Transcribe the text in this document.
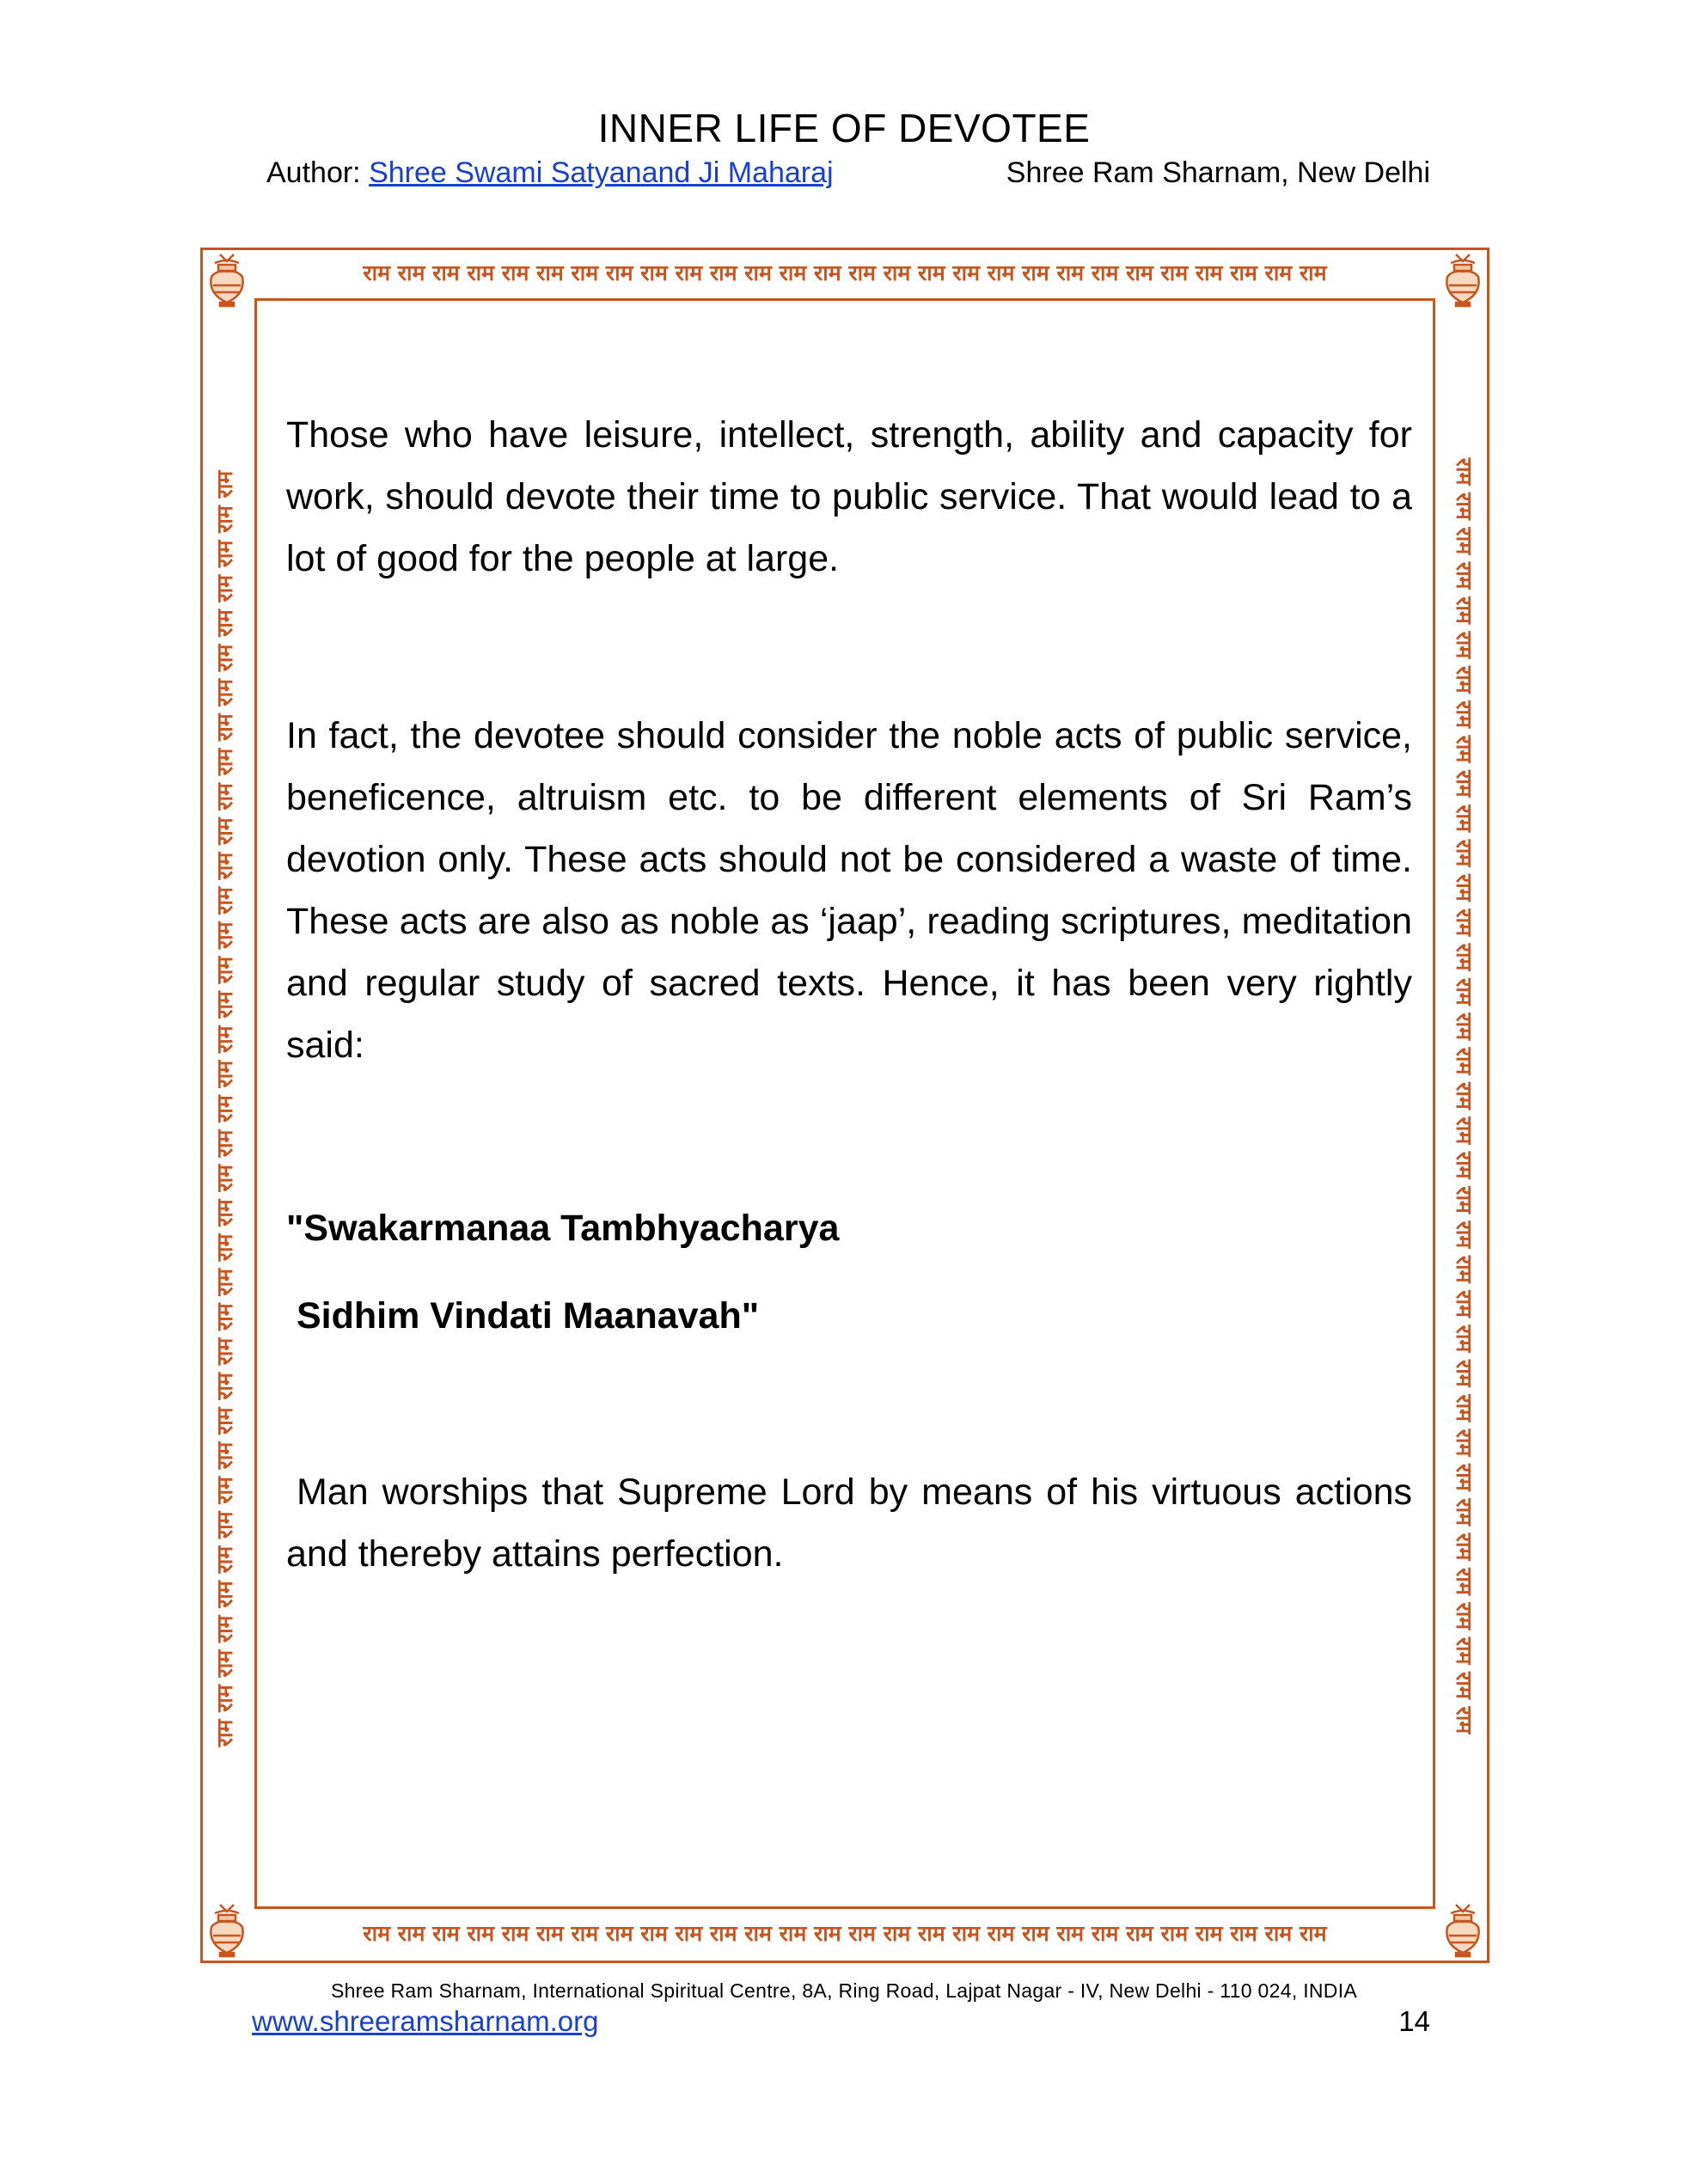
INNER LIFE OF DEVOTEE
Author: Shree Swami Satyanand Ji Maharaj	Shree Ram Sharnam, New Delhi
राम राम राम राम राम राम राम राम राम राम राम राम राम राम राम राम राम राम राम राम राम राम राम राम राम राम राम राम
राम राम राम राम राम राम राम राम राम राम राम राम राम राम राम राम राम राम राम राम राम राम राम राम राम राम राम राम
राम राम राम राम राम राम राम राम राम राम राम राम राम राम राम राम राम राम राम राम राम राम राम राम राम राम राम राम राम राम राम राम राम राम राम राम राम	राम राम राम राम राम राम राम राम राम राम राम राम राम राम राम राम राम राम राम राम राम राम राम राम राम राम राम राम राम राम राम राम राम राम राम राम राम

Those who have leisure, intellect, strength, ability and capacity for work, should devote their time to public service. That would lead to a lot of good for the people at large.

In fact, the devotee should consider the noble acts of public service, beneficence, altruism etc. to be different elements of Sri Ram’s devotion only. These acts should not be considered a waste of time. These acts are also as noble as ‘jaap’, reading scriptures, meditation and regular study of sacred texts. Hence, it has been very rightly said:

"Swakarmanaa Tambhyacharya
Sidhim Vindati Maanavah"

Man worships that Supreme Lord by means of his virtuous actions and thereby attains perfection.

Shree Ram Sharnam, International Spiritual Centre, 8A, Ring Road, Lajpat Nagar - IV, New Delhi - 110 024, INDIA
www.shreeramsharnam.org	14
